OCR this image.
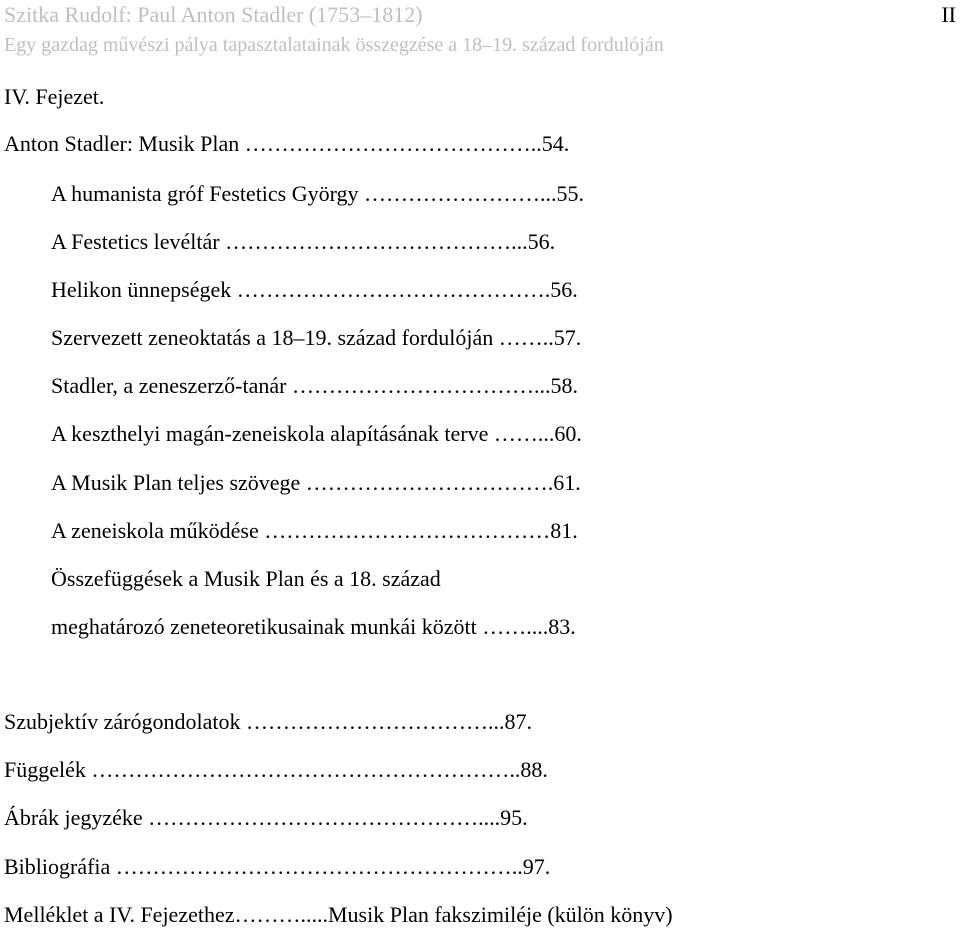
Szitka Rudolf: Paul Anton Stadler (1753–1812)
Egy gazdag művészi pálya tapasztalatainak összegzése a 18–19. század fordulóján
II
IV. Fejezet.
Anton Stadler: Musik Plan …………………………………..54.
A humanista gróf Festetics György ……………………...55.
A Festetics levéltár …………………………………...56.
Helikon ünnepségek …………………………………….56.
Szervezett zeneoktatás a 18–19. század fordulóján ……..57.
Stadler, a zeneszerző-tanár ……………………………...58.
A keszthelyi magán-zeneiskola alapításának terve ……...60.
A Musik Plan teljes szövege …………………………….61.
A zeneiskola működése …………………………………81.
Összefüggések a Musik Plan és a 18. század
meghatározó zeneteoretikusainak munkái között ……....83.
Szubjektív zárógondolatok ……………………………...87.
Függelék …………………………………………………..88.
Ábrák jegyzéke ………………………………………....95.
Bibliográfia ………………………………………………..97.
Melléklet a IV. Fejezethez……….....Musik Plan fakszimiléje (külön könyv)
